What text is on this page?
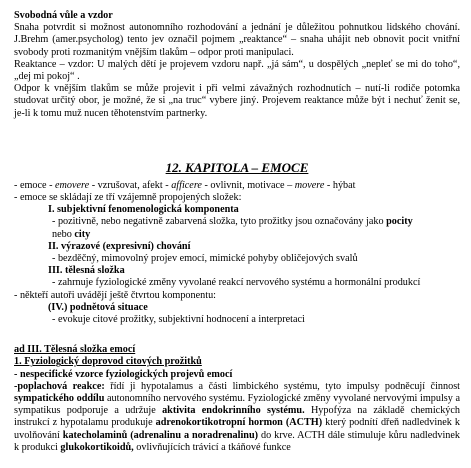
Svobodná vůle a vzdor

Snaha potvrdit si možnost autonomního rozhodování a jednání je důležitou pohnutkou lidského chování. J.Brehm (amer.psycholog) tento jev označil pojmem „reaktance“ – snaha uhájit neb obnovit pocit vnitřní svobody proti rozmanitým vnějším tlakům – odpor proti manipulaci.

Reaktance – vzdor: U malých dětí je projevem vzdoru např. „já sám“, u dospělých „nepleť se mi do toho“, „dej mi pokoj“ .

Odpor k vnějším tlakům se může projevit i při velmi závažných rozhodnutích – nutí-li rodiče potomka studovat určitý obor, je možné, že si „na truc“ vybere jiný. Projevem reaktance může být i nechuť ženit se, je-li k tomu muž nucen těhotenstvím partnerky.

12. KAPITOLA – EMOCE

- emoce - emovere - vzrušovat, afekt - afficere - ovlivnit, motivace – movere - hýbat

- emoce se skládají ze tří vzájemně propojených složek:

I. subjektivní fenomenologická komponenta

- pozitivně, nebo negativně zabarvená složka, tyto prožitky jsou označovány jako pocity
nebo city

II. výrazové (expresivní) chování

- bezděčný, mimovolný projev emocí, mimické pohyby obličejových svalů

III. tělesná složka

- zahrnuje fyziologické změny vyvolané reakcí nervového systému a hormonální produkcí

- někteří autoři uvádějí ještě čtvrtou komponentu:

(IV.) podnětová situace

- evokuje citové prožitky, subjektivní hodnocení a interpretaci

ad III. Tělesná složka emocí

1. Fyziologický doprovod citových prožitků

- nespecifické vzorce fyziologických projevů emocí

-poplachová reakce: řídí ji hypotalamus a části limbického systému, tyto impulsy podněcují činnost sympatického oddílu autonomního nervového systému. Fyziologické změny vyvolané nervovými impulsy a sympatikus podporuje a udržuje aktivita endokrinního systému. Hypofýza na základě chemických instrukcí z hypotalamu produkuje adrenokortikotropní hormon (ACTH) který podnítí dřeň nadledvinek k uvolňování katecholaminů (adrenalinu a noradrenalinu) do krve. ACTH dále stimuluje kůru nadledvinek k produkci glukokortikoidů, ovlivňujících trávicí a tkáňové funkce
